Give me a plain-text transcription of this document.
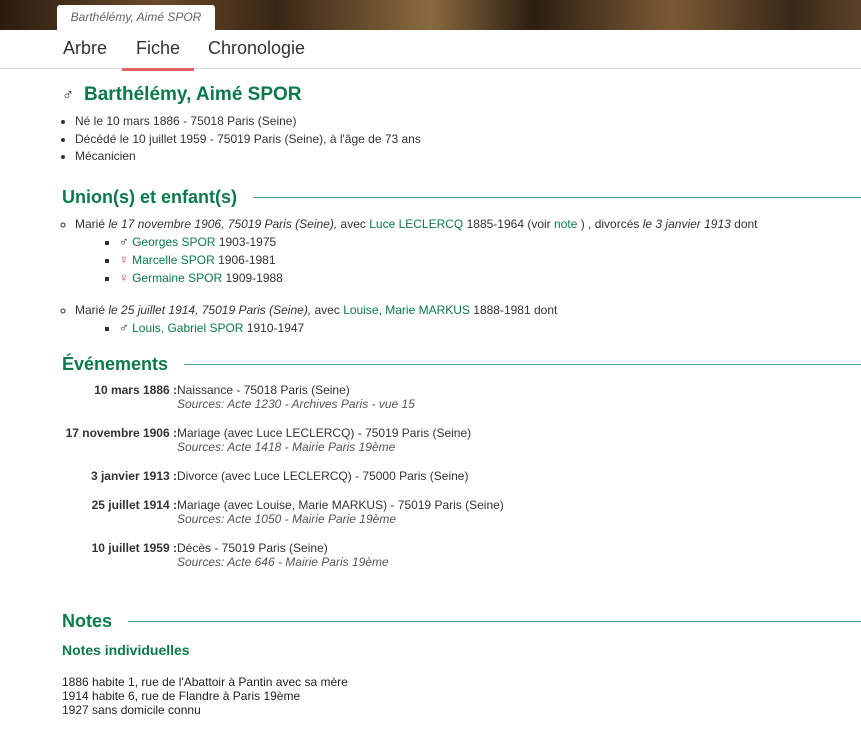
Barthélémy, Aimé SPOR
Arbre	Fiche	Chronologie
♂ Barthélémy, Aimé SPOR
• Né le 10 mars 1886 - 75018 Paris (Seine)
• Décédé le 10 juillet 1959 - 75019 Paris (Seine), à l'âge de 73 ans
• Mécanicien
Union(s) et enfant(s)
◦ Marié le 17 novembre 1906, 75019 Paris (Seine), avec Luce LECLERCQ 1885-1964 (voir note ) , divorcés le 3 janvier 1913 dont
▪ ♂ Georges SPOR 1903-1975
▪ ♀ Marcelle SPOR 1906-1981
▪ ♀ Germaine SPOR 1909-1988
◦ Marié le 25 juillet 1914, 75019 Paris (Seine), avec Louise, Marie MARKUS 1888-1981 dont
▪ ♂ Louis, Gabriel SPOR 1910-1947
Événements
10 mars 1886 : Naissance - 75018 Paris (Seine)
Sources: Acte 1230 - Archives Paris - vue 15
17 novembre 1906 : Mariage (avec Luce LECLERCQ) - 75019 Paris (Seine)
Sources: Acte 1418 - Mairie Paris 19ème
3 janvier 1913 : Divorce (avec Luce LECLERCQ) - 75000 Paris (Seine)
25 juillet 1914 : Mariage (avec Louise, Marie MARKUS) - 75019 Paris (Seine)
Sources: Acte 1050 - Mairie Parie 19ème
10 juillet 1959 : Décès - 75019 Paris (Seine)
Sources: Acte 646 - Mairie Paris 19ème
Notes
Notes individuelles
1886 habite 1, rue de l'Abattoir à Pantin avec sa mère
1914 habite 6, rue de Flandre à Paris 19ème
1927 sans domicile connu
